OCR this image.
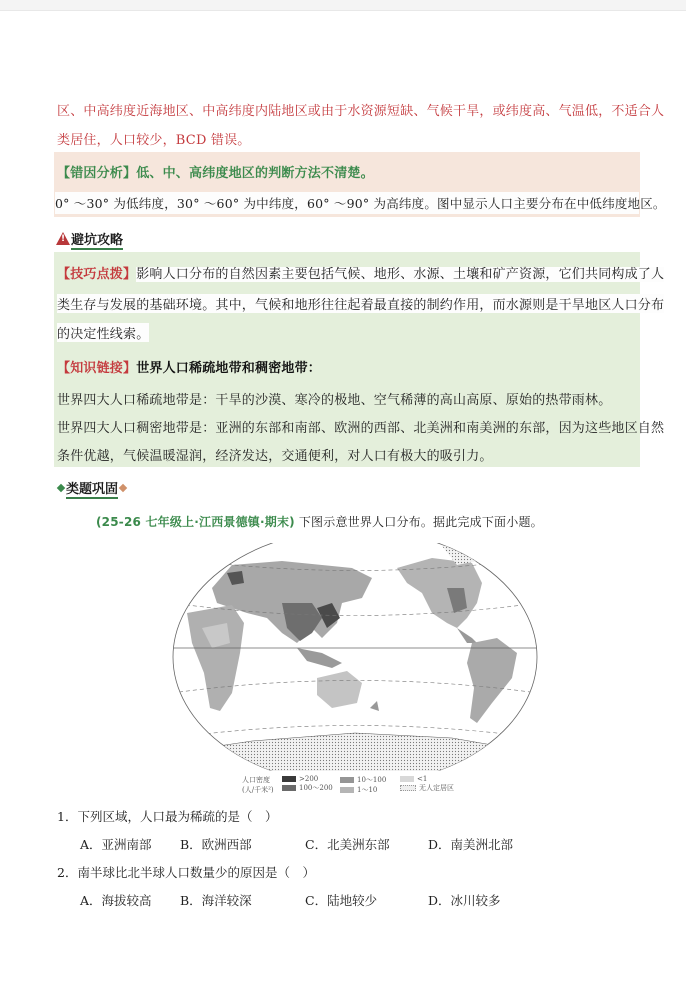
区、中高纬度近海地区、中高纬度内陆地区或由于水资源短缺、气候干旱，或纬度高、气温低，不适合人
类居住，人口较少，BCD 错误。
【错因分析】低、中、高纬度地区的判断方法不清楚。
0° ～30° 为低纬度，30° ～60° 为中纬度，60° ～90° 为高纬度。图中显示人口主要分布在中低纬度地区。
!避坑攻略
【技巧点拨】影响人口分布的自然因素主要包括气候、地形、水源、土壤和矿产资源，它们共同构成了人
类生存与发展的基础环境。其中，气候和地形往往起着最直接的制约作用，而水源则是干旱地区人口分布
的决定性线索。
【知识链接】世界人口稀疏地带和稠密地带：
世界四大人口稀疏地带是：干旱的沙漠、寒冷的极地、空气稀薄的高山高原、原始的热带雨林。
世界四大人口稠密地带是：亚洲的东部和南部、欧洲的西部、北美洲和南美洲的东部，因为这些地区自然
条件优越，气候温暖湿润，经济发达，交通便利，对人口有极大的吸引力。
类题巩固
(25-26 七年级上·江西景德镇·期末) 下图示意世界人口分布。据此完成下面小题。
人口密度
(人/千米²)
>200
100～200
10～100
1～10
<1
无人定居区
1．下列区域，人口最为稀疏的是（　）
A．亚洲南部 B．欧洲西部	C．北美洲东部	D．南美洲北部
2．南半球比北半球人口数量少的原因是（　）
A．海拔较高 B．海洋较深	C．陆地较少	D．冰川较多
